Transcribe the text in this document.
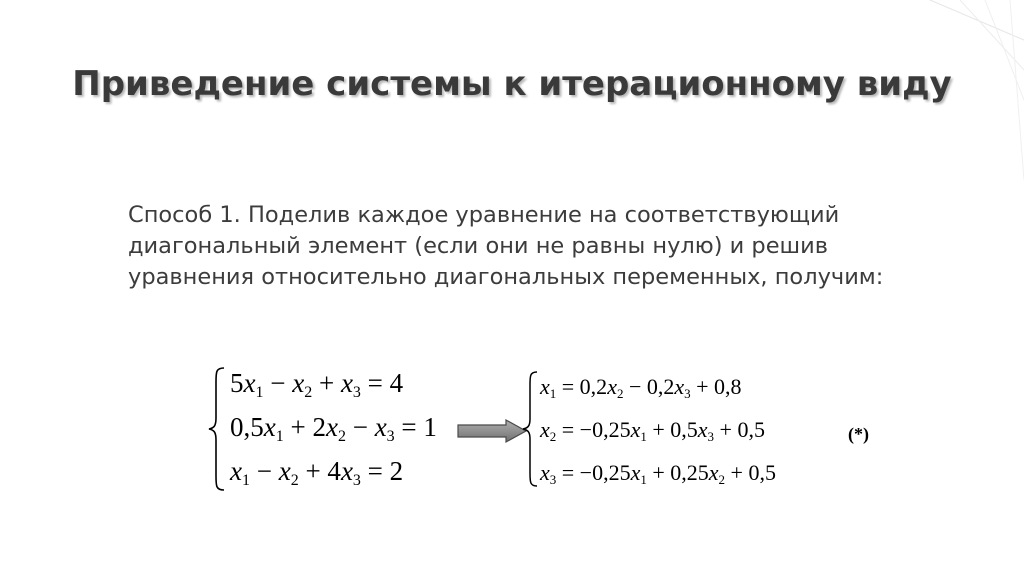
Приведение системы к итерационному виду
Способ 1. Поделив каждое уравнение на соответствующий
диагональный элемент (если они не равны нулю) и решив
уравнения относительно диагональных переменных, получим:
$5x_1 - x_2 + x_3 = 4$
$0,5x_1 + 2x_2 - x_3 = 1$
$x_1 - x_2 + 4x_3 = 2$
$x_1 = 0,2x_2 - 0,2x_3 + 0,8$
$x_2 = -0,25x_1 + 0,5x_3 + 0,5$
$x_3 = -0,25x_1 + 0,25x_2 + 0,5$
(*)
